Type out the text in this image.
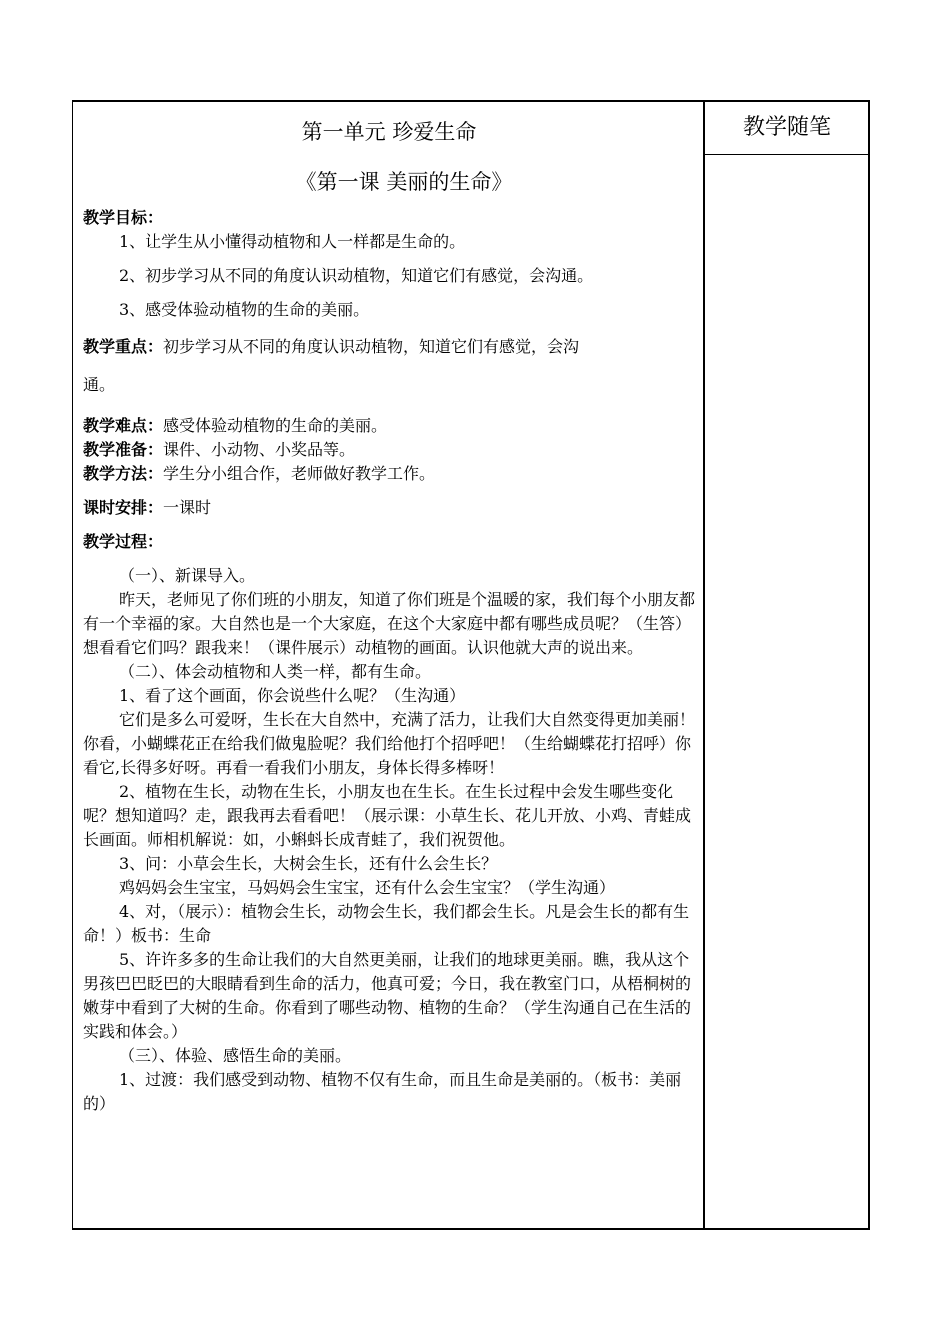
第一单元 珍爱生命
《第一课 美丽的生命》

教学目标：

1、让学生从小懂得动植物和人一样都是生命的。

2、初步学习从不同的角度认识动植物，知道它们有感觉，会沟通。

3、感受体验动植物的生命的美丽。

教学重点：初步学习从不同的角度认识动植物，知道它们有感觉，会沟
通。

教学难点：感受体验动植物的生命的美丽。

教学准备：课件、小动物、小奖品等。

教学方法：学生分小组合作，老师做好教学工作。

课时安排：一课时

教学过程：

（一）、新课导入。

昨天，老师见了你们班的小朋友，知道了你们班是个温暖的家，我们每个小朋友都有一个幸福的家。大自然也是一个大家庭，在这个大家庭中都有哪些成员呢？（生答）想看看它们吗？跟我来！（课件展示）动植物的画面。认识他就大声的说出来。

（二）、体会动植物和人类一样，都有生命。

1、看了这个画面，你会说些什么呢？（生沟通）

它们是多么可爱呀，生长在大自然中，充满了活力，让我们大自然变得更加美丽！你看，小蝴蝶花正在给我们做鬼脸呢？我们给他打个招呼吧！（生给蝴蝶花打招呼）你看它,长得多好呀。再看一看我们小朋友，身体长得多棒呀！

2、植物在生长，动物在生长，小朋友也在生长。在生长过程中会发生哪些变化呢？想知道吗？走，跟我再去看看吧！（展示课：小草生长、花儿开放、小鸡、青蛙成长画面。师相机解说：如，小蝌蚪长成青蛙了，我们祝贺他。

3、问：小草会生长，大树会生长，还有什么会生长？

鸡妈妈会生宝宝，马妈妈会生宝宝，还有什么会生宝宝？（学生沟通）

4、对，（展示）：植物会生长，动物会生长，我们都会生长。凡是会生长的都有生命！）板书：生命

5、许许多多的生命让我们的大自然更美丽，让我们的地球更美丽。瞧，我从这个男孩巴巴眨巴的大眼睛看到生命的活力，他真可爱；今日，我在教室门口，从梧桐树的嫩芽中看到了大树的生命。你看到了哪些动物、植物的生命？（学生沟通自己在生活的实践和体会。）

（三）、体验、感悟生命的美丽。

1、过渡：我们感受到动物、植物不仅有生命，而且生命是美丽的。（板书：美丽的）

教学随笔
